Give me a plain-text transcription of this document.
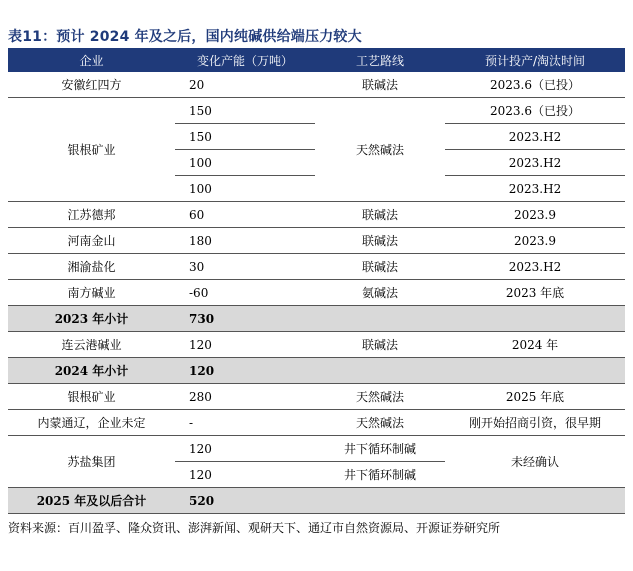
表11：预计 2024 年及之后，国内纯碱供给端压力较大
企业	变化产能（万吨）	工艺路线	预计投产/淘汰时间
安徽红四方	20	联碱法	2023.6（已投）
银根矿业	150	天然碱法	2023.6（已投）
	150		2023.H2
	100		2023.H2
	100		2023.H2
江苏德邦	60	联碱法	2023.9
河南金山	180	联碱法	2023.9
湘渝盐化	30	联碱法	2023.H2
南方碱业	-60	氨碱法	2023 年底
2023 年小计	730		
连云港碱业	120	联碱法	2024 年
2024 年小计	120		
银根矿业	280	天然碱法	2025 年底
内蒙通辽，企业未定	-	天然碱法	刚开始招商引资，很早期
苏盐集团	120	井下循环制碱	未经确认
	120	井下循环制碱	
2025 年及以后合计	520		
资料来源：百川盈孚、隆众资讯、澎湃新闻、观研天下、通辽市自然资源局、开源证券研究所
